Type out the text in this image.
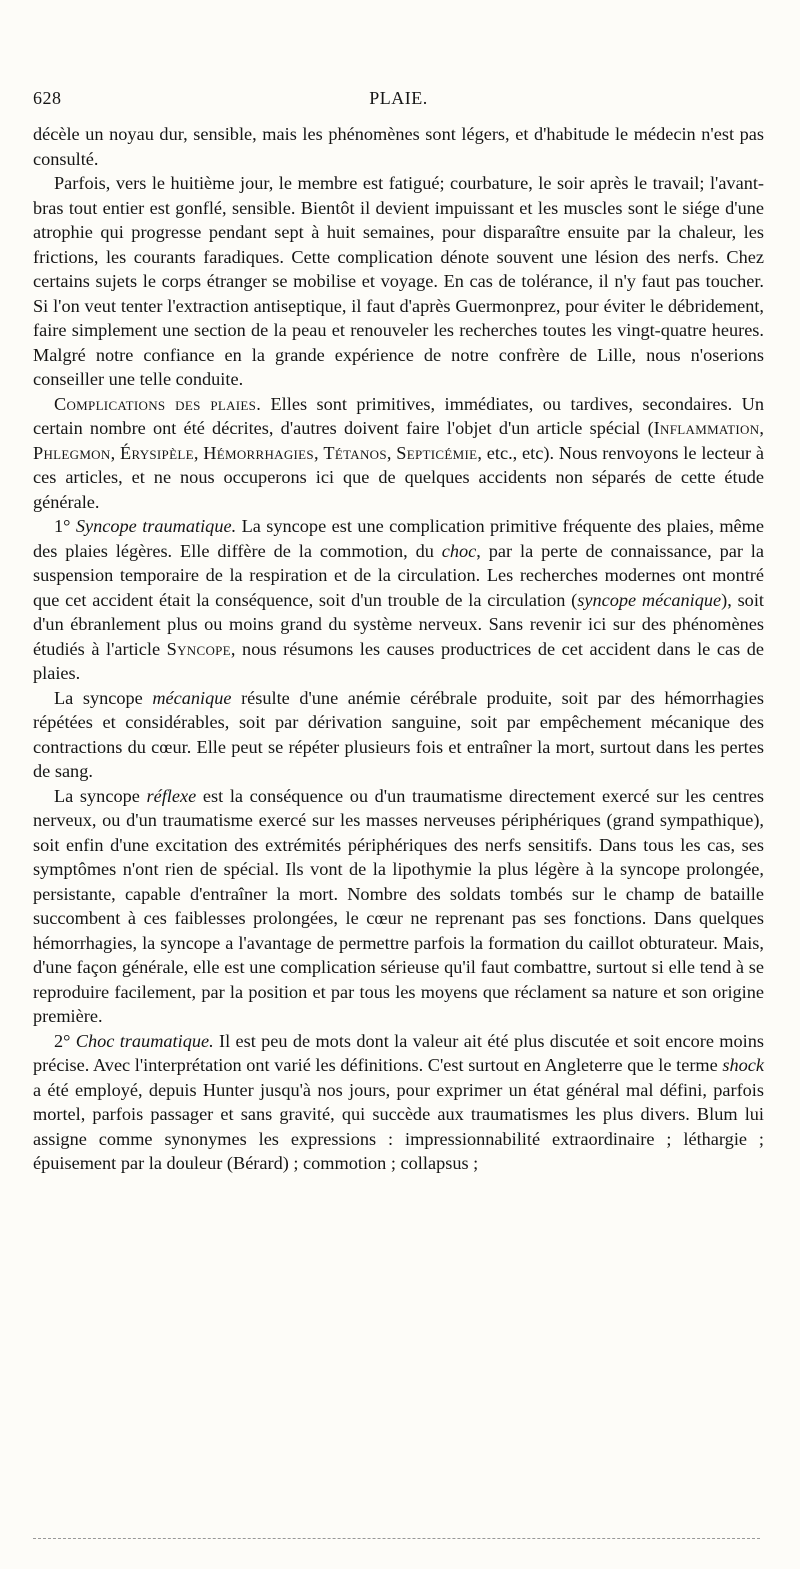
628	PLAIE.

décèle un noyau dur, sensible, mais les phénomènes sont légers, et d'habitude le médecin n'est pas consulté.

Parfois, vers le huitième jour, le membre est fatigué; courbature, le soir après le travail; l'avant-bras tout entier est gonflé, sensible. Bientôt il devient impuissant et les muscles sont le siége d'une atrophie qui progresse pendant sept à huit semaines, pour disparaître ensuite par la chaleur, les frictions, les courants faradiques. Cette complication dénote souvent une lésion des nerfs. Chez certains sujets le corps étranger se mobilise et voyage. En cas de tolérance, il n'y faut pas toucher. Si l'on veut tenter l'extraction antiseptique, il faut d'après Guermonprez, pour éviter le débridement, faire simplement une section de la peau et renouveler les recherches toutes les vingt-quatre heures. Malgré notre confiance en la grande expérience de notre confrère de Lille, nous n'oserions conseiller une telle conduite.

Complications des plaies. Elles sont primitives, immédiates, ou tardives, secondaires. Un certain nombre ont été décrites, d'autres doivent faire l'objet d'un article spécial (Inflammation, Phlegmon, Érysipèle, Hémorrhagies, Tétanos, Septicémie, etc., etc). Nous renvoyons le lecteur à ces articles, et ne nous occuperons ici que de quelques accidents non séparés de cette étude générale.

1° Syncope traumatique. La syncope est une complication primitive fréquente des plaies, même des plaies légères. Elle diffère de la commotion, du choc, par la perte de connaissance, par la suspension temporaire de la respiration et de la circulation. Les recherches modernes ont montré que cet accident était la conséquence, soit d'un trouble de la circulation (syncope mécanique), soit d'un ébranlement plus ou moins grand du système nerveux. Sans revenir ici sur des phénomènes étudiés à l'article Syncope, nous résumons les causes productrices de cet accident dans le cas de plaies.

La syncope mécanique résulte d'une anémie cérébrale produite, soit par des hémorrhagies répétées et considérables, soit par dérivation sanguine, soit par empêchement mécanique des contractions du cœur. Elle peut se répéter plusieurs fois et entraîner la mort, surtout dans les pertes de sang.

La syncope réflexe est la conséquence ou d'un traumatisme directement exercé sur les centres nerveux, ou d'un traumatisme exercé sur les masses nerveuses périphériques (grand sympathique), soit enfin d'une excitation des extrémités périphériques des nerfs sensitifs. Dans tous les cas, ses symptômes n'ont rien de spécial. Ils vont de la lipothymie la plus légère à la syncope prolongée, persistante, capable d'entraîner la mort. Nombre des soldats tombés sur le champ de bataille succombent à ces faiblesses prolongées, le cœur ne reprenant pas ses fonctions. Dans quelques hémorrhagies, la syncope a l'avantage de permettre parfois la formation du caillot obturateur. Mais, d'une façon générale, elle est une complication sérieuse qu'il faut combattre, surtout si elle tend à se reproduire facilement, par la position et par tous les moyens que réclament sa nature et son origine première.

2° Choc traumatique. Il est peu de mots dont la valeur ait été plus discutée et soit encore moins précise. Avec l'interprétation ont varié les définitions. C'est surtout en Angleterre que le terme shock a été employé, depuis Hunter jusqu'à nos jours, pour exprimer un état général mal défini, parfois mortel, parfois passager et sans gravité, qui succède aux traumatismes les plus divers. Blum lui assigne comme synonymes les expressions : impressionnabilité extraordinaire ; léthargie ; épuisement par la douleur (Bérard) ; commotion ; collapsus ;
